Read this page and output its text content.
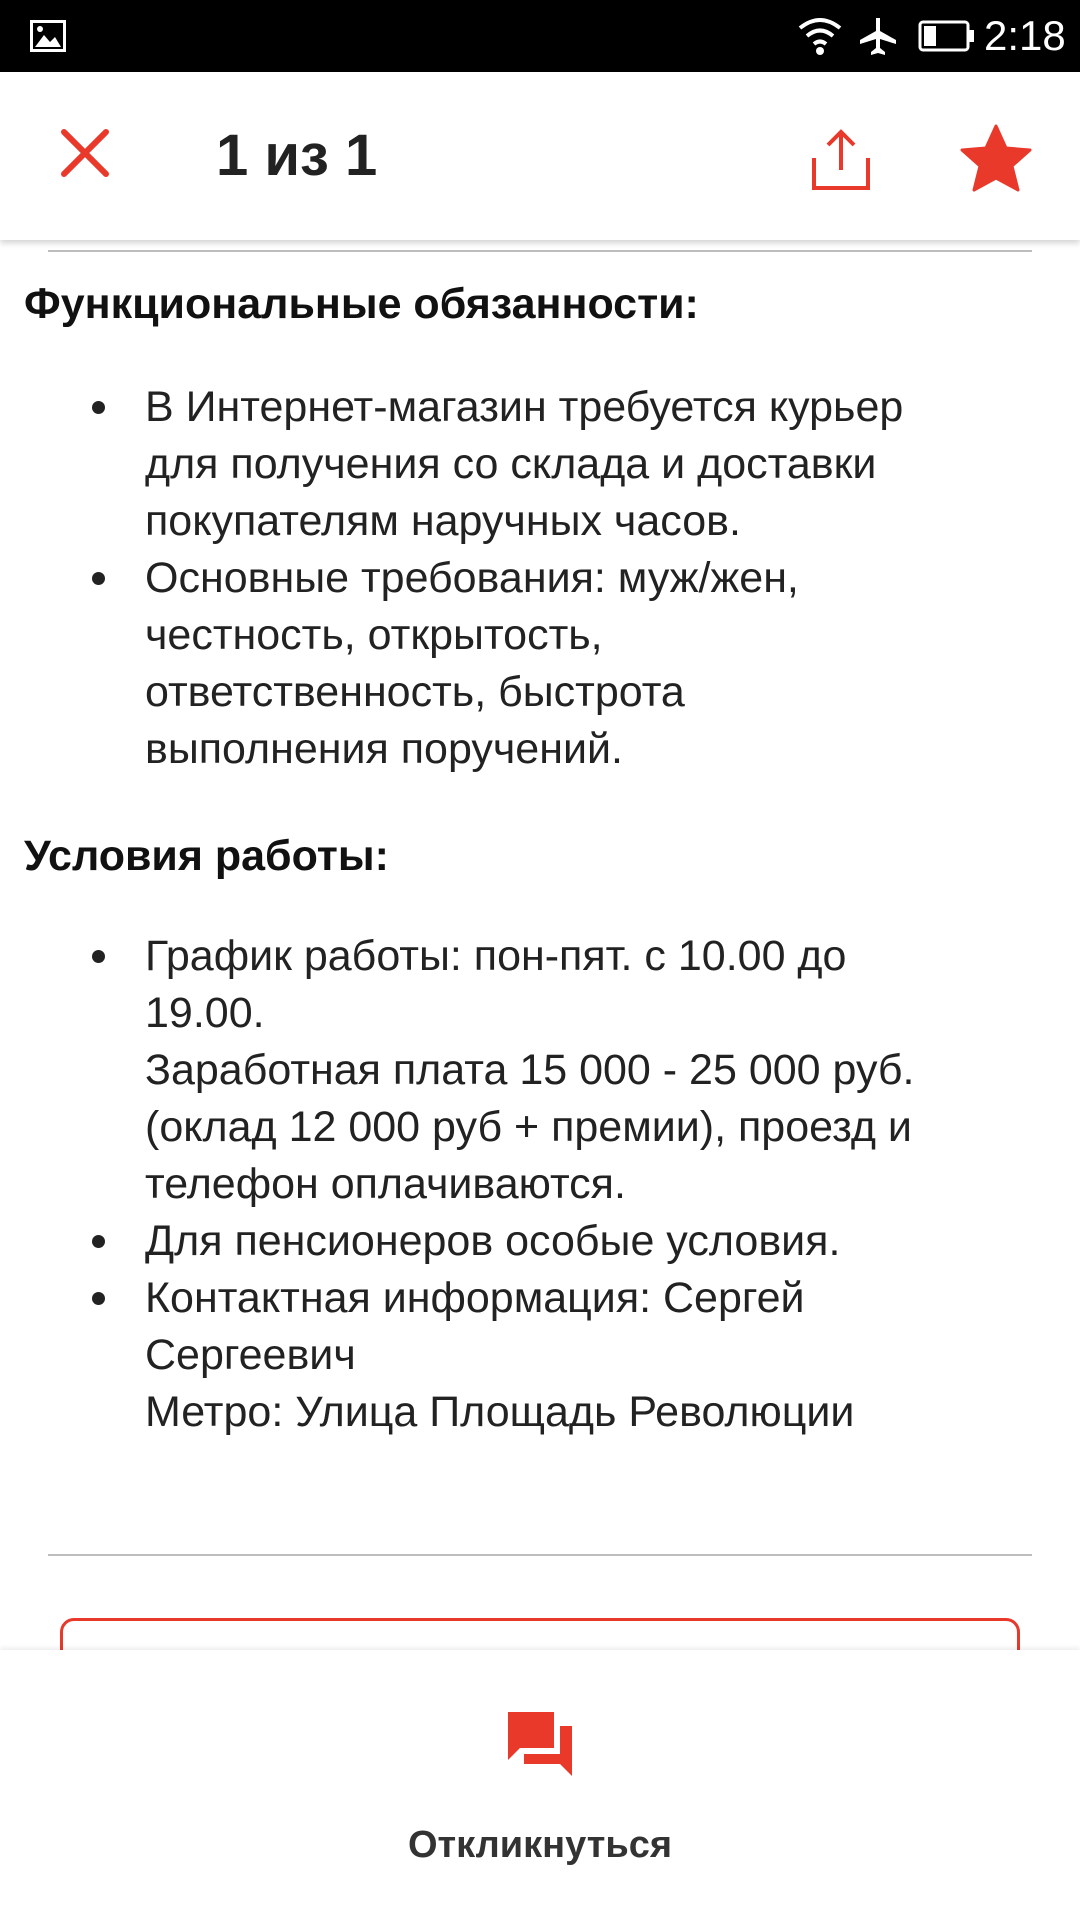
2:18
1 из 1
Функциональные обязанности:
В Интернет-магазин требуется курьер
для получения со склада и доставки
покупателям наручных часов.
Основные требования: муж/жен,
честность, открытость,
ответственность, быстрота
выполнения поручений.
Условия работы:
График работы: пон-пят. с 10.00 до
19.00.
Заработная плата 15 000 - 25 000 руб.
(оклад 12 000 руб + премии), проезд и
телефон оплачиваются.
Для пенсионеров особые условия.
Контактная информация: Сергей
Сергеевич
Метро: Улица Площадь Революции
Откликнуться
